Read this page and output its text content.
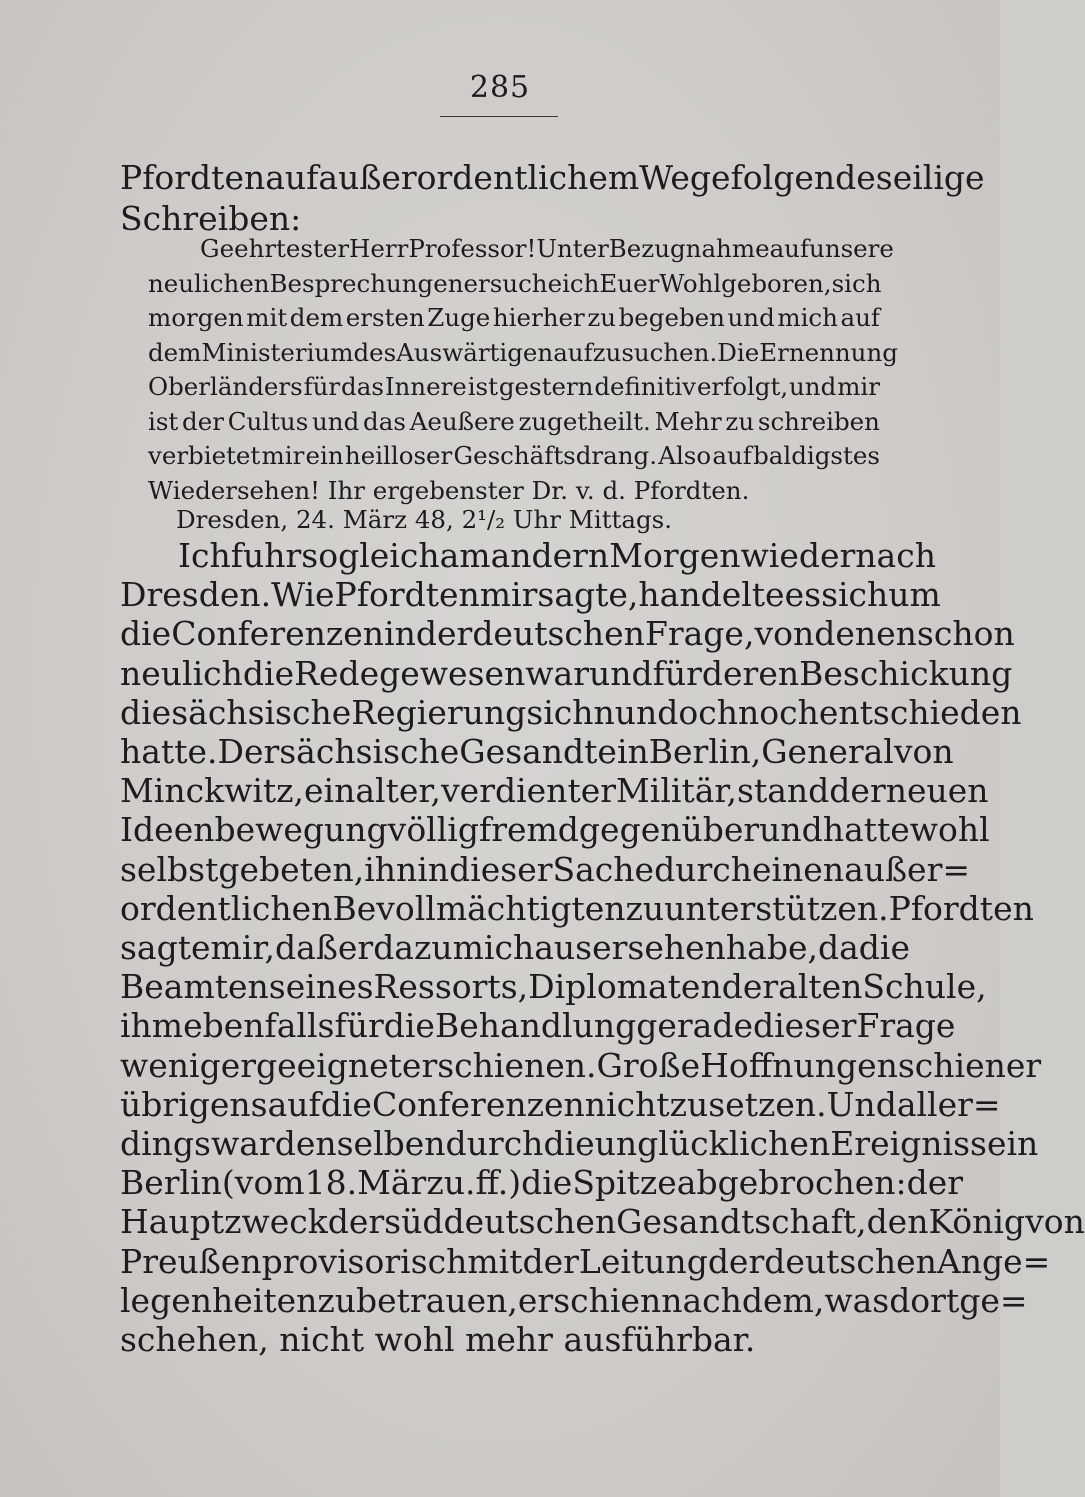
285
Pfordten auf außerordentlichem Wege folgendes eilige
Schreiben:
Geehrtester Herr Professor! Unter Bezugnahme auf unsere
neulichen Besprechungen ersuche ich Euer Wohlgeboren, sich
morgen mit dem ersten Zuge hierher zu begeben und mich auf
dem Ministerium des Auswärtigen aufzusuchen. Die Ernennung
Oberländers für das Innere ist gestern definitiv erfolgt, und mir
ist der Cultus und das Aeußere zugetheilt. Mehr zu schreiben
verbietet mir ein heilloser Geschäftsdrang. Also auf baldigstes
Wiedersehen! Ihr ergebenster Dr. v. d. Pfordten.
Dresden, 24. März 48, 2¹/₂ Uhr Mittags.
Ich fuhr sogleich am andern Morgen wieder nach
Dresden. Wie Pfordten mir sagte, handelte es sich um
die Conferenzen in der deutschen Frage, von denen schon
neulich die Rede gewesen war und für deren Beschickung
die sächsische Regierung sich nun doch noch entschieden
hatte. Der sächsische Gesandte in Berlin, General von
Minckwitz, ein alter, verdienter Militär, stand der neuen
Ideenbewegung völlig fremd gegenüber und hatte wohl
selbst gebeten, ihn in dieser Sache durch einen außer=
ordentlichen Bevollmächtigten zu unterstützen. Pfordten
sagte mir, daß er dazu mich ausersehen habe, da die
Beamten seines Ressorts, Diplomaten der alten Schule,
ihm ebenfalls für die Behandlung gerade dieser Frage
weniger geeignet erschienen. Große Hoffnungen schien er
übrigens auf die Conferenzen nicht zu setzen. Und aller=
dings war denselben durch die unglücklichen Ereignisse in
Berlin (vom 18. März u. ff.) die Spitze abgebrochen: der
Hauptzweck der süddeutschen Gesandtschaft, den König von
Preußen provisorisch mit der Leitung der deutschen Ange=
legenheiten zu betrauen, erschien nach dem, was dort ge=
schehen, nicht wohl mehr ausführbar.
